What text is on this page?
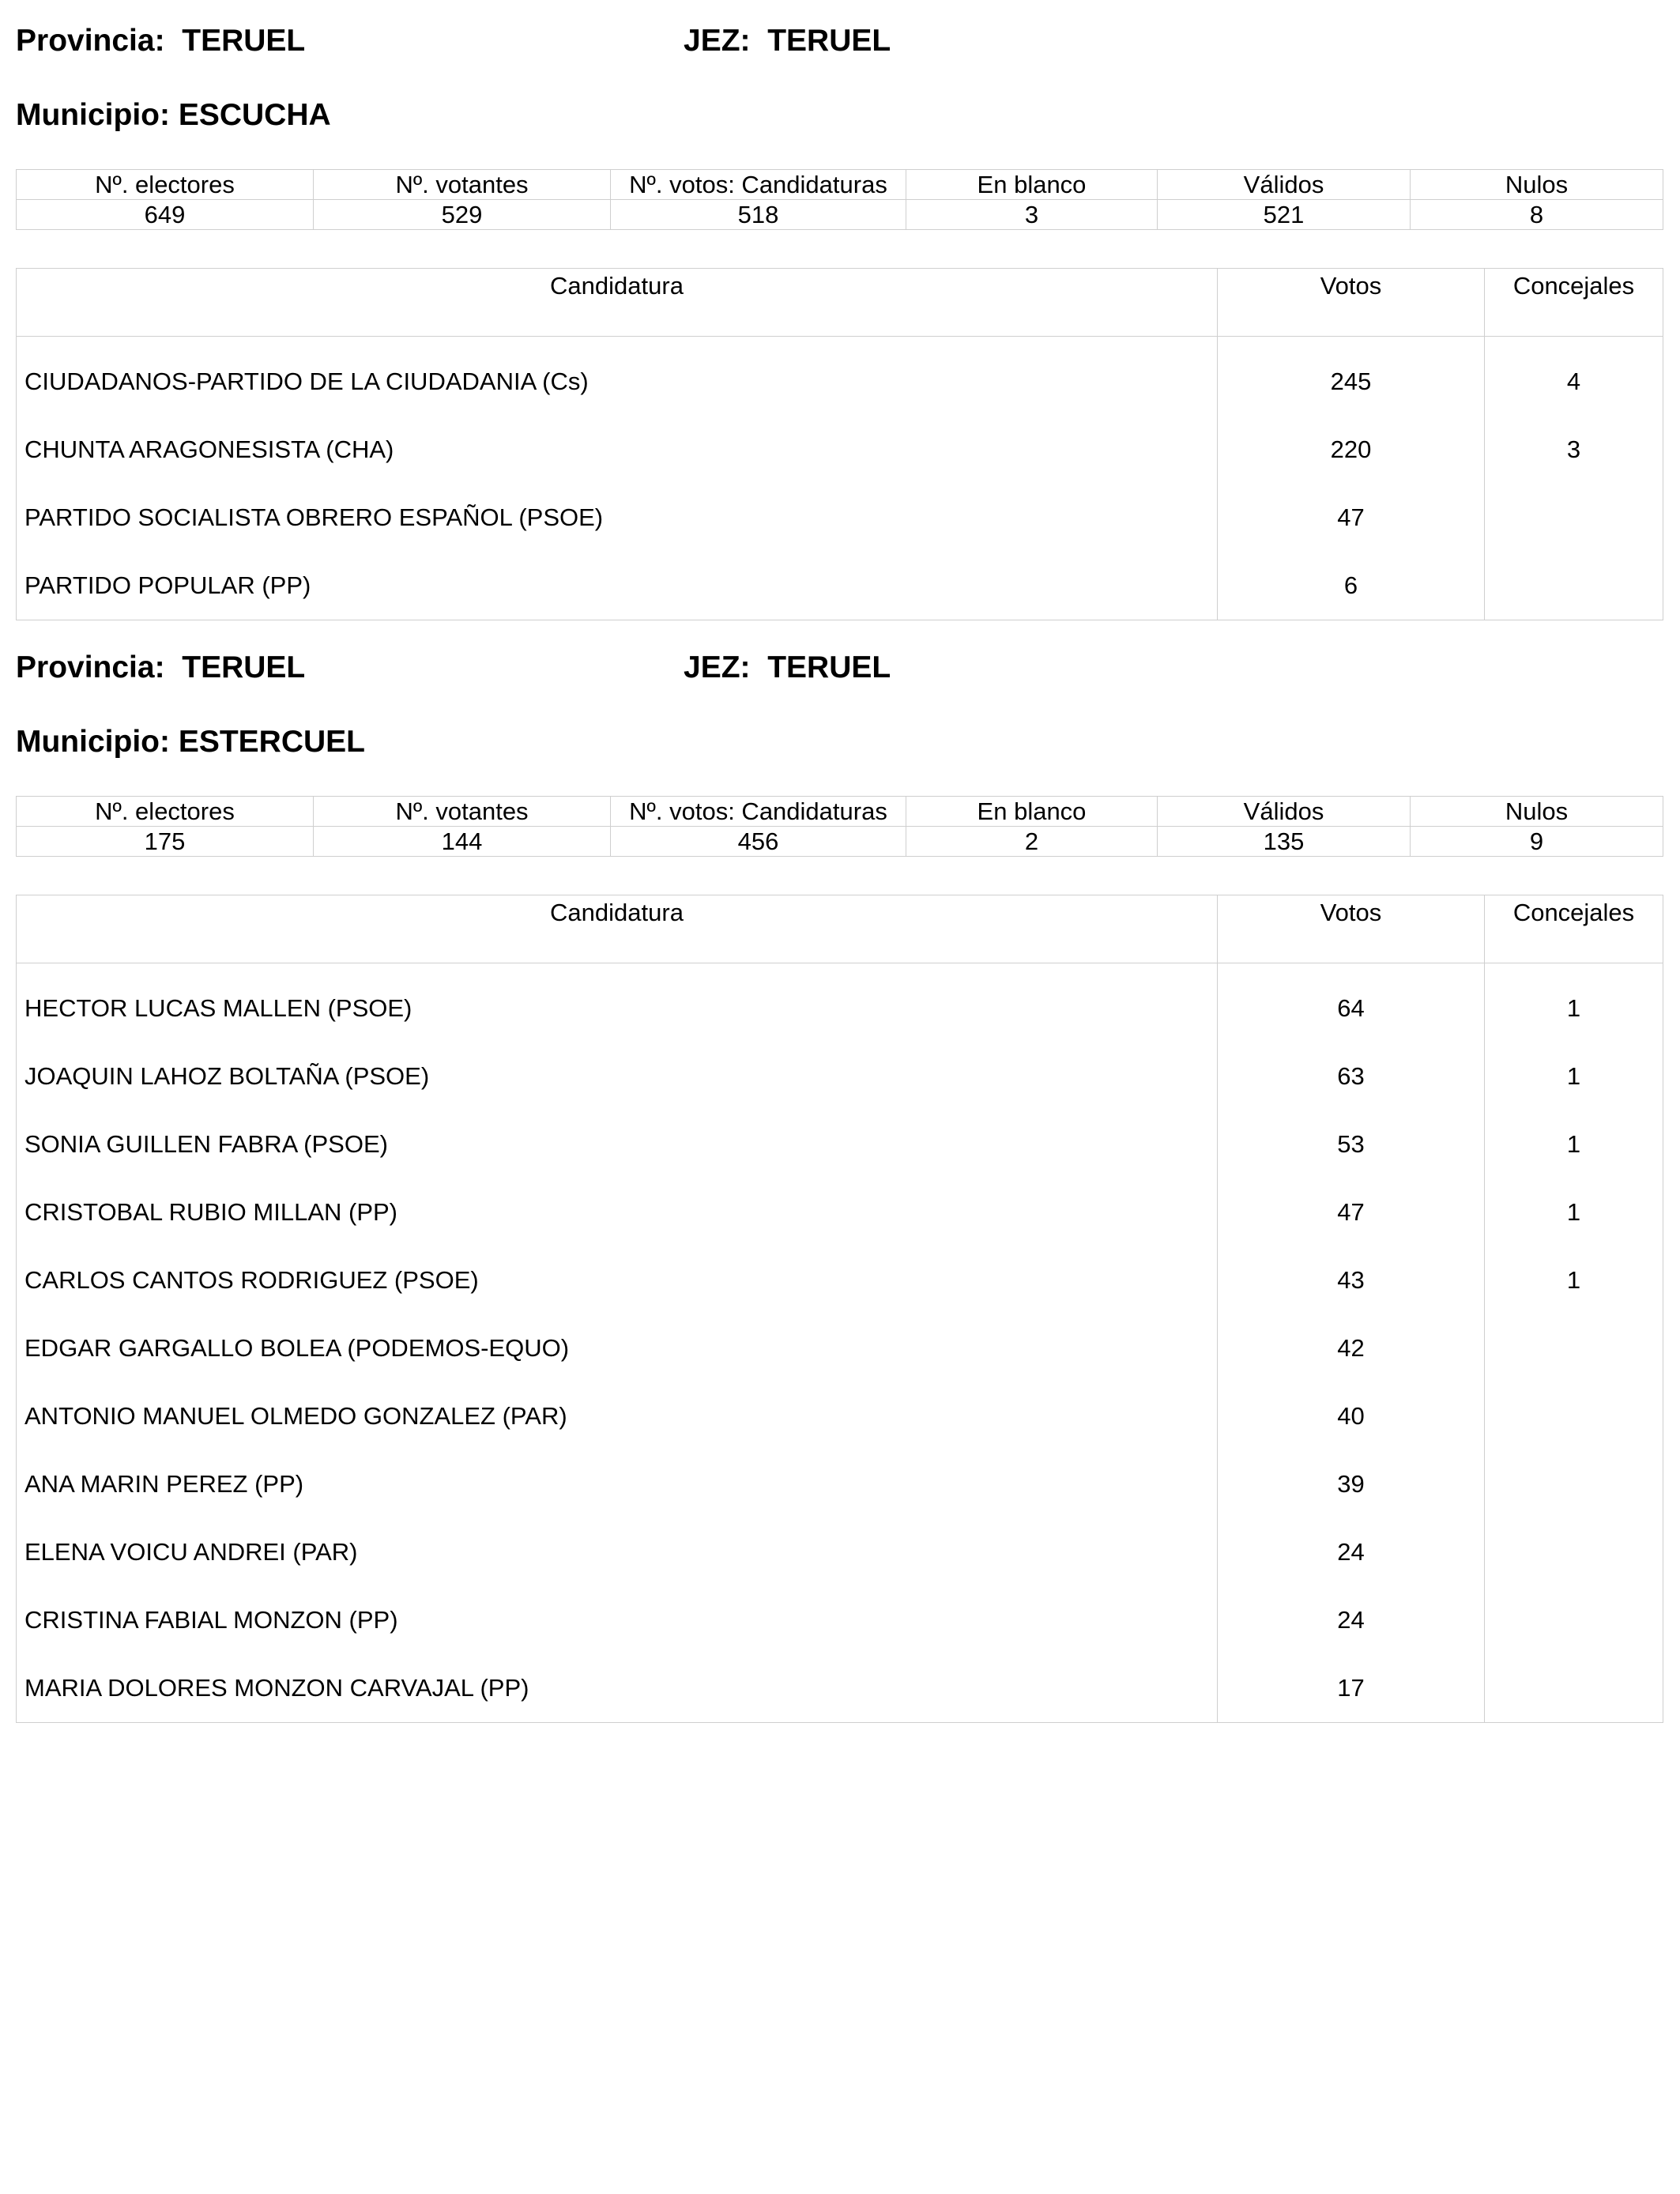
Provincia: TERUEL	JEZ: TERUEL
Municipio: ESCUCHA
Nº. electores	Nº. votantes	Nº. votos: Candidaturas	En blanco	Válidos	Nulos
649	529	518	3	521	8
Candidatura	Votos	Concejales

CIUDADANOS-PARTIDO DE LA CIUDADANIA (Cs)	245	4
CHUNTA ARAGONESISTA (CHA)	220	3
PARTIDO SOCIALISTA OBRERO ESPAÑOL (PSOE)	47	
PARTIDO POPULAR (PP)	6	
Provincia: TERUEL	JEZ: TERUEL
Municipio: ESTERCUEL
Nº. electores	Nº. votantes	Nº. votos: Candidaturas	En blanco	Válidos	Nulos
175	144	456	2	135	9
Candidatura	Votos	Concejales

HECTOR LUCAS MALLEN (PSOE)	64	1
JOAQUIN LAHOZ BOLTAÑA (PSOE)	63	1
SONIA GUILLEN FABRA (PSOE)	53	1
CRISTOBAL RUBIO MILLAN (PP)	47	1
CARLOS CANTOS RODRIGUEZ (PSOE)	43	1
EDGAR GARGALLO BOLEA (PODEMOS-EQUO)	42	
ANTONIO MANUEL OLMEDO GONZALEZ (PAR)	40	
ANA MARIN PEREZ (PP)	39	
ELENA VOICU ANDREI (PAR)	24	
CRISTINA FABIAL MONZON (PP)	24	
MARIA DOLORES MONZON CARVAJAL (PP)	17	
